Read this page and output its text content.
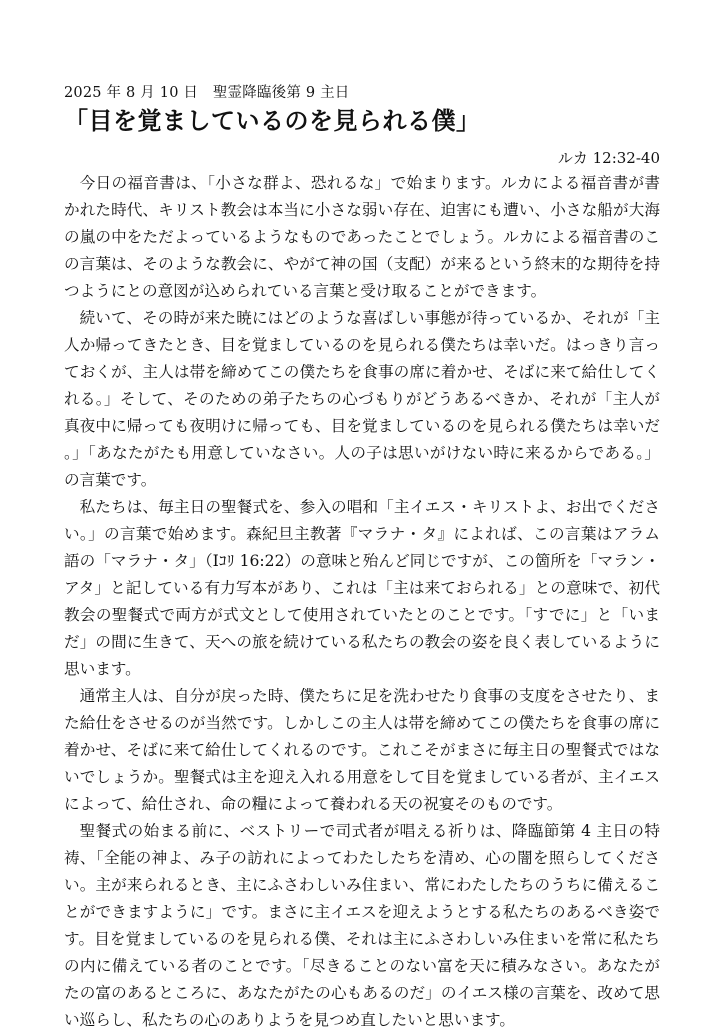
2025 年 8 月 10 日　聖霊降臨後第 9 主日

「目を覚ましているのを見られる僕」

ルカ 12:32-40

今日の福音書は、「小さな群よ、恐れるな」で始まります。ルカによる福音書が書かれた時代、キリスト教会は本当に小さな弱い存在、迫害にも遭い、小さな船が大海の嵐の中をただよっているようなものであったことでしょう。ルカによる福音書のこの言葉は、そのような教会に、やがて神の国（支配）が来るという終末的な期待を持つようにとの意図が込められている言葉と受け取ることができます。

続いて、その時が来た暁にはどのような喜ばしい事態が待っているか、それが「主人か帰ってきたとき、目を覚ましているのを見られる僕たちは幸いだ。はっきり言っておくが、主人は帯を締めてこの僕たちを食事の席に着かせ、そばに来て給仕してくれる。」そして、そのための弟子たちの心づもりがどうあるべきか、それが「主人が真夜中に帰っても夜明けに帰っても、目を覚ましているのを見られる僕たちは幸いだ。」「あなたがたも用意していなさい。人の子は思いがけない時に来るからである。」の言葉です。

私たちは、毎主日の聖餐式を、参入の唱和「主イエス・キリストよ、お出でください。」の言葉で始めます。森紀旦主教著『マラナ・タ』によれば、この言葉はアラム語の「マラナ・タ」（Ⅰｺﾘ 16:22）の意味と殆んど同じですが、この箇所を「マラン・アタ」と記している有力写本があり、これは「主は来ておられる」との意味で、初代教会の聖餐式で両方が式文として使用されていたとのことです。「すでに」と「いまだ」の間に生きて、天への旅を続けている私たちの教会の姿を良く表しているように思います。

通常主人は、自分が戻った時、僕たちに足を洗わせたり食事の支度をさせたり、また給仕をさせるのが当然です。しかしこの主人は帯を締めてこの僕たちを食事の席に着かせ、そばに来て給仕してくれるのです。これこそがまさに毎主日の聖餐式ではないでしょうか。聖餐式は主を迎え入れる用意をして目を覚ましている者が、主イエスによって、給仕され、命の糧によって養われる天の祝宴そのものです。

聖餐式の始まる前に、ベストリーで司式者が唱える祈りは、降臨節第 4 主日の特祷、「全能の神よ、み子の訪れによってわたしたちを清め、心の闇を照らしてください。主が来られるとき、主にふさわしいみ住まい、常にわたしたちのうちに備えることができますように」です。まさに主イエスを迎えようとする私たちのあるべき姿です。目を覚ましているのを見られる僕、それは主にふさわしいみ住まいを常に私たちの内に備えている者のことです。「尽きることのない富を天に積みなさい。あなたがたの富のあるところに、あなたがたの心もあるのだ」のイエス様の言葉を、改めて思い巡らし、私たちの心のありようを見つめ直したいと思います。
